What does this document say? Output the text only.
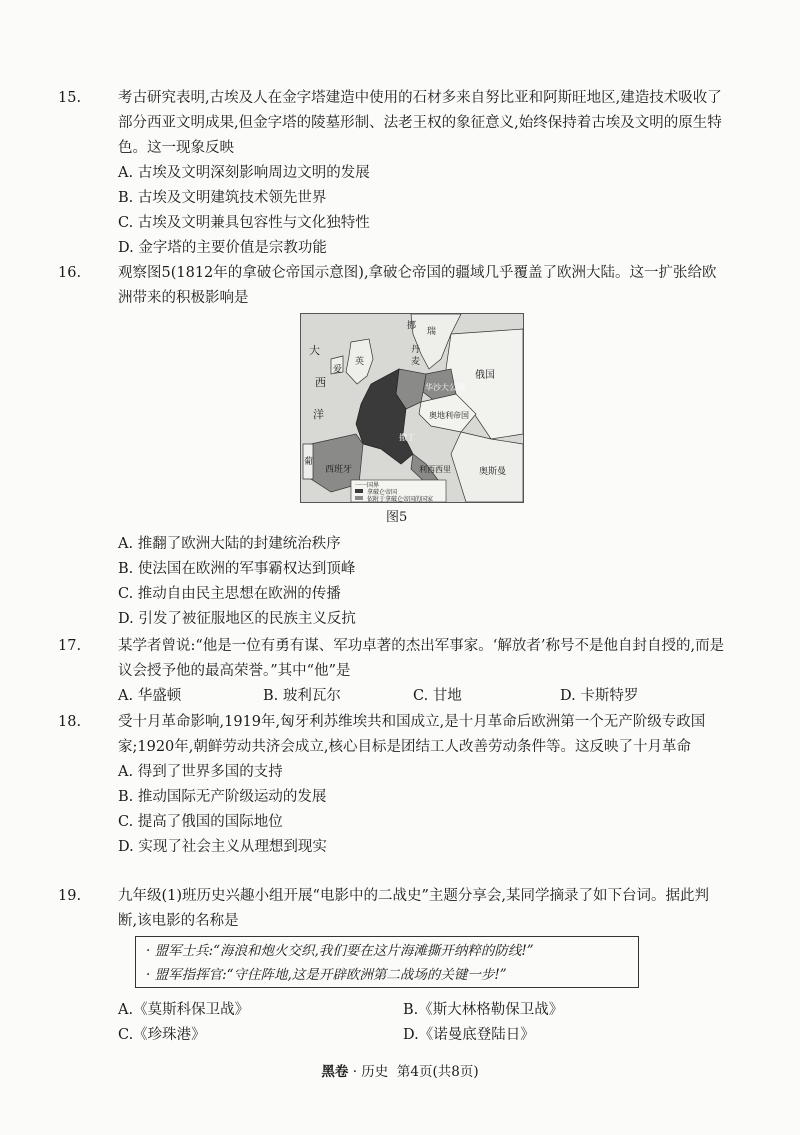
15.	考古研究表明,古埃及人在金字塔建造中使用的石材多来自努比亚和阿斯旺地区,建造技术吸收了部分西亚文明成果,但金字塔的陵墓形制、法老王权的象征意义,始终保持着古埃及文明的原生特色。这一现象反映
A. 古埃及文明深刻影响周边文明的发展
B. 古埃及文明建筑技术领先世界
C. 古埃及文明兼具包容性与文化独特性
D. 金字塔的主要价值是宗教功能
16.	观察图5(1812年的拿破仑帝国示意图),拿破仑帝国的疆域几乎覆盖了欧洲大陆。这一扩张给欧洲带来的积极影响是
大
西
洋
爱
瑞
挪
丹
麦
英
俄国
华沙大公国
奥地利帝国
葡
西班牙
撒丁
奥斯曼
利西西里
一一国界
拿破仑帝国
依附于拿破仑帝国的国家
图5
A. 推翻了欧洲大陆的封建统治秩序
B. 使法国在欧洲的军事霸权达到顶峰
C. 推动自由民主思想在欧洲的传播
D. 引发了被征服地区的民族主义反抗
17.	某学者曾说:“他是一位有勇有谋、军功卓著的杰出军事家。‘解放者’称号不是他自封自授的,而是议会授予他的最高荣誉。”其中“他”是
A. 华盛顿	B. 玻利瓦尔	C. 甘地	D. 卡斯特罗
18.	受十月革命影响,1919年,匈牙利苏维埃共和国成立,是十月革命后欧洲第一个无产阶级专政国家;1920年,朝鲜劳动共济会成立,核心目标是团结工人改善劳动条件等。这反映了十月革命
A. 得到了世界多国的支持
B. 推动国际无产阶级运动的发展
C. 提高了俄国的国际地位
D. 实现了社会主义从理想到现实
19.	九年级(1)班历史兴趣小组开展“电影中的二战史”主题分享会,某同学摘录了如下台词。据此判断,该电影的名称是
· 盟军士兵:“海浪和炮火交织,我们要在这片海滩撕开纳粹的防线!”
· 盟军指挥官:“守住阵地,这是开辟欧洲第二战场的关键一步!”
A.《莫斯科保卫战》	B.《斯大林格勒保卫战》
C.《珍珠港》	D.《诺曼底登陆日》
黑卷 · 历史 第4页(共8页)
